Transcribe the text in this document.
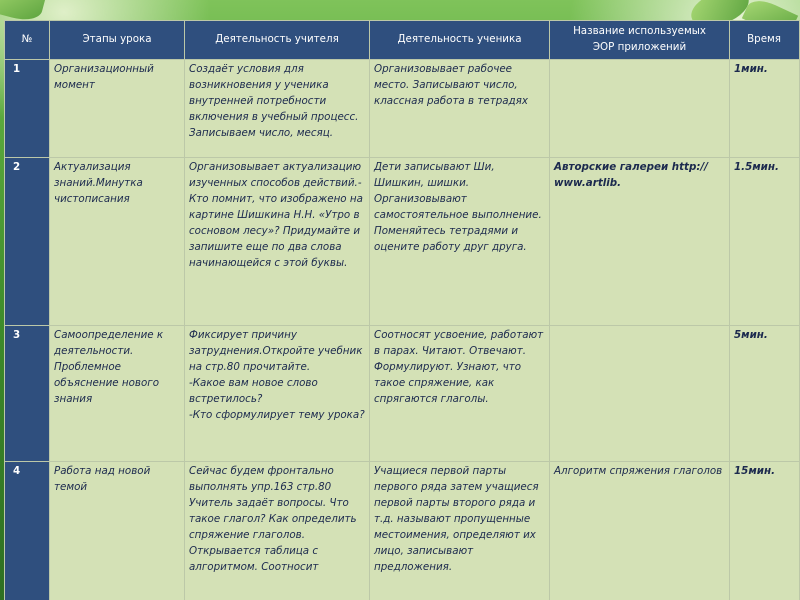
№	Этапы урока	Деятельность учителя	Деятельность ученика	Название используемых
ЭОР приложений	Время
1	Организационный момент	Создаёт условия для возникновения у ученика внутренней потребности включения в учебный процесс. Записываем число, месяц.	Организовывает рабочее место. Записывают число, классная работа в тетрадях		1мин.
2	Актуализация знаний.Минутка чистописания	Организовывает актуализацию изученных способов действий.- Кто помнит, что изображено на картине Шишкина Н.Н. «Утро в сосновом лесу»? Придумайте и запишите еще по два слова начинающейся с этой буквы.	Дети записывают Ши, Шишкин, шишки. Организовывают самостоятельное выполнение. Поменяйтесь тетрадями и оцените работу друг друга.	Авторские галереи http:// www.artlib.	1.5мин.
3	Самоопределение к деятельности. Проблемное объяснение нового знания	Фиксирует причину затруднения.Откройте учебник на стр.80 прочитайте.
-Какое вам новое слово встретилось?
-Кто сформулирует тему урока?	Соотносят усвоение, работают в парах. Читают. Отвечают. Формулируют. Узнают, что такое спряжение, как спрягаются глаголы.		5мин.
4	Работа над новой темой	Сейчас будем фронтально выполнять упр.163 стр.80 Учитель задаёт вопросы. Что такое глагол? Как определить спряжение глаголов. Открывается таблица с алгоритмом. Соотносит	Учащиеся первой парты первого ряда затем учащиеся первой парты второго ряда и т.д. называют пропущенные местоимения, определяют их лицо, записывают предложения.	Алгоритм спряжения глаголов	15мин.
